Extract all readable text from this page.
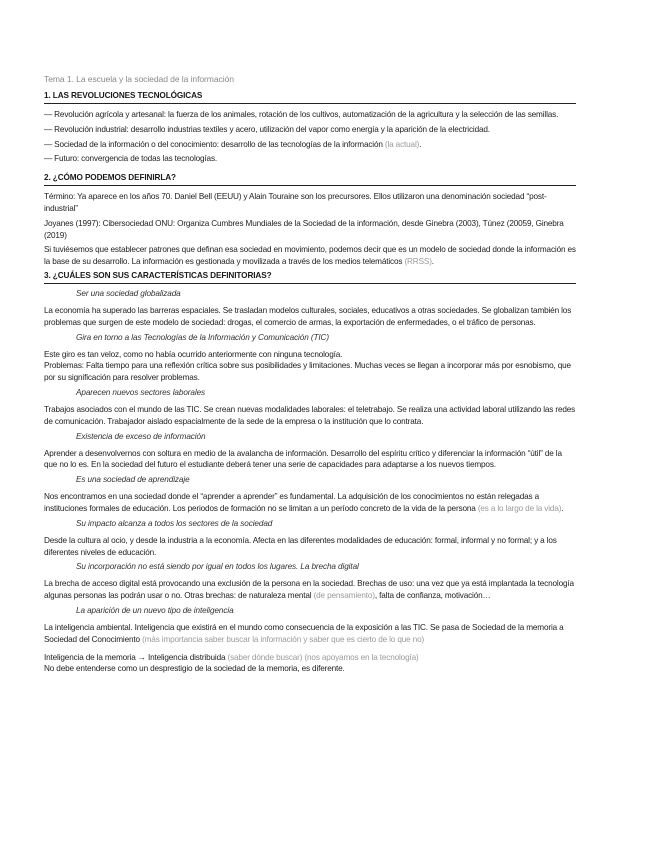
Tema 1. La escuela y la sociedad de la información
1. LAS REVOLUCIONES TECNOLÓGICAS
— Revolución agrícola y artesanal: la fuerza de los animales, rotación de los cultivos, automatización de la agricultura y la selección de las semillas.
— Revolución industrial: desarrollo industrias textiles y acero, utilización del vapor como energía y la aparición de la electricidad.
— Sociedad de la información o del conocimiento: desarrollo de las tecnologías de la información (la actual).
— Futuro: convergencia de todas las tecnologías.
2. ¿CÓMO PODEMOS DEFINIRLA?
Término: Ya aparece en los años 70. Daniel Bell (EEUU) y Alain Touraine son los precursores. Ellos utilizaron una denominación sociedad “post-industrial”
Joyanes (1997): Cibersociedad ONU: Organiza Cumbres Mundiales de la Sociedad de la información, desde Ginebra (2003), Túnez (20059, Ginebra (2019)
Si tuviésemos que establecer patrones que definan esa sociedad en movimiento, podemos decir que es un modelo de sociedad donde la información es la base de su desarrollo. La información es gestionada y movilizada a través de los medios telemáticos (RRSS).
3. ¿CUÁLES SON SUS CARACTERÍSTICAS DEFINITORIAS?
Ser una sociedad globalizada
La economía ha superado las barreras espaciales. Se trasladan modelos culturales, sociales, educativos a otras sociedades. Se globalizan también los problemas que surgen de este modelo de sociedad: drogas, el comercio de armas, la exportación de enfermedades, o el tráfico de personas.
Gira en torno a las Tecnologías de la Información y Comunicación (TIC)
Este giro es tan veloz, como no había ocurrido anteriormente con ninguna tecnología.
Problemas: Falta tiempo para una reflexión crítica sobre sus posibilidades y limitaciones. Muchas veces se llegan a incorporar más por esnobismo, que por su significación para resolver problemas.
Aparecen nuevos sectores laborales
Trabajos asociados con el mundo de las TIC. Se crean nuevas modalidades laborales: el teletrabajo. Se realiza una actividad laboral utilizando las redes de comunicación. Trabajador aislado espacialmente de la sede de la empresa o la institución que lo contrata.
Existencia de exceso de información
Aprender a desenvolvernos con soltura en medio de la avalancha de información. Desarrollo del espíritu crítico y diferenciar la información “útil” de la que no lo es. En la sociedad del futuro el estudiante deberá tener una serie de capacidades para adaptarse a los nuevos tiempos.
Es una sociedad de aprendizaje
Nos encontramos en una sociedad donde el “aprender a aprender” es fundamental. La adquisición de los conocimientos no están relegadas a instituciones formales de educación. Los periodos de formación no se limitan a un período concreto de la vida de la persona (es a lo largo de la vida).
Su impacto alcanza a todos los sectores de la sociedad
Desde la cultura al ocio, y desde la industria a la economía. Afecta en las diferentes modalidades de educación: formal, informal y no formal; y a los diferentes niveles de educación.
Su incorporación no está siendo por igual en todos los lugares. La brecha digital
La brecha de acceso digital está provocando una exclusión de la persona en la sociedad. Brechas de uso: una vez que ya está implantada la tecnología algunas personas las podrán usar o no. Otras brechas: de naturaleza mental (de pensamiento), falta de confianza, motivación…
La aparición de un nuevo tipo de inteligencia
La inteligencia ambiental. Inteligencia que existirá en el mundo como consecuencia de la exposición a las TIC. Se pasa de Sociedad de la memoria a Sociedad del Conocimiento (más importancia saber buscar la información y saber que es cierto de lo que no)
Inteligencia de la memoria → Inteligencia distribuida (saber dónde buscar) (nos apoyamos en la tecnología)
No debe entenderse como un desprestigio de la sociedad de la memoria, es diferente.
